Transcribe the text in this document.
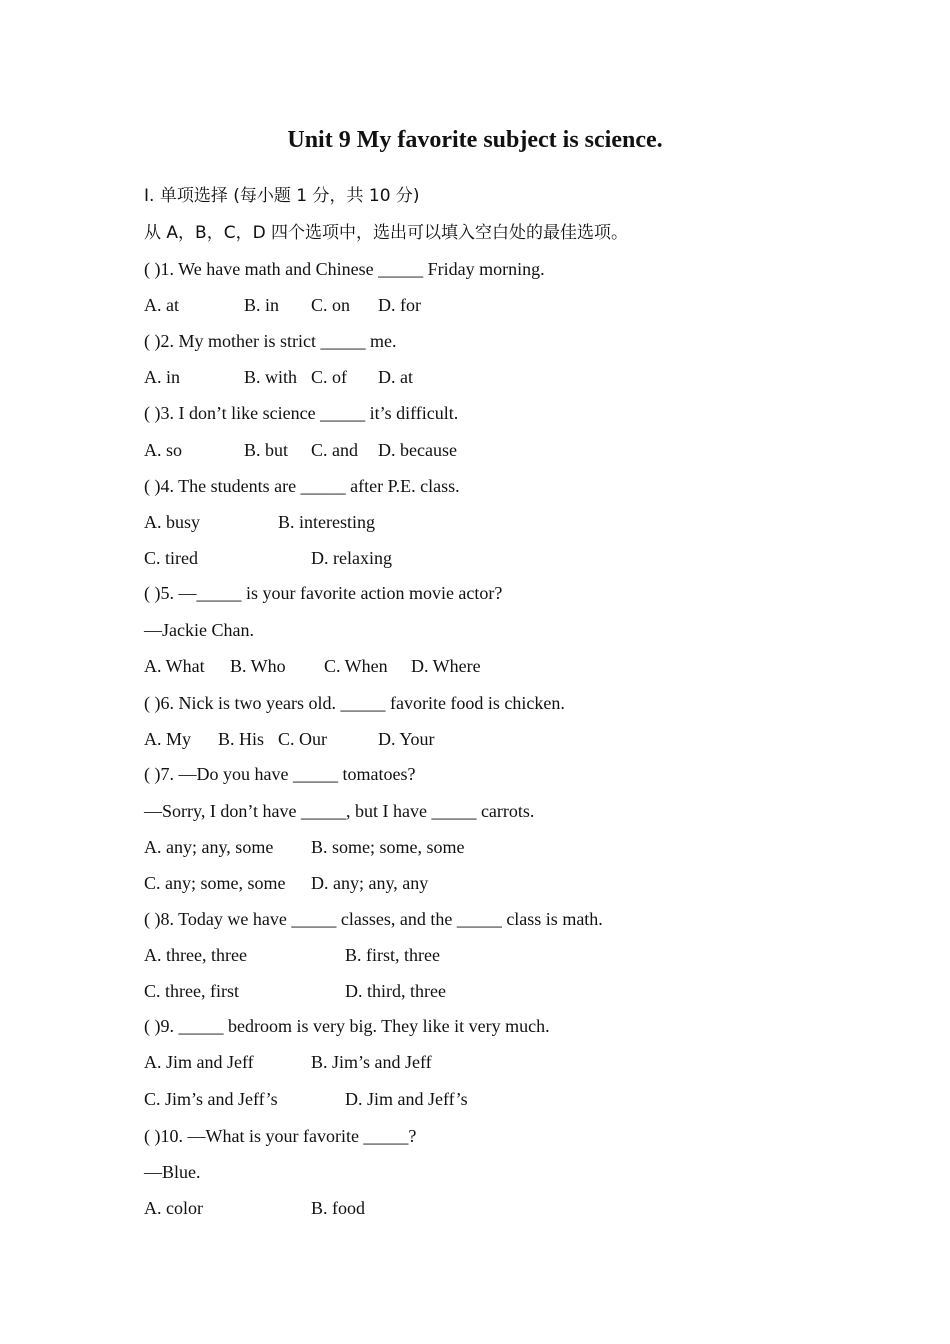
Unit 9 My favorite subject is science.
Ⅰ. 单项选择 (每小题 1 分，共 10 分)
从 A，B，C，D 四个选项中，选出可以填入空白处的最佳选项。
( )1. We have math and Chinese _____ Friday morning.
A. at	B. in C. on D. for
( )2. My mother is strict _____ me.
A. in	B. with C. of D. at
( )3. I don’t like science _____ it’s difficult.
A. so	B. but C. and D. because
( )4. The students are _____ after P.E. class.
A. busy	B. interesting
C. tired	D. relaxing
( )5. —_____ is your favorite action movie actor?
—Jackie Chan.
A. What B. Who C. When D. Where
( )6. Nick is two years old. _____ favorite food is chicken.
A. My B. His C. Our	D. Your
( )7. —Do you have _____ tomatoes?
—Sorry, I don’t have _____, but I have _____ carrots.
A. any; any, some B. some; some, some
C. any; some, some D. any; any, any
( )8. Today we have _____ classes, and the _____ class is math.
A. three, three	B. first, three
C. three, first	D. third, three
( )9. _____ bedroom is very big. They like it very much.
A. Jim and Jeff	B. Jim’s and Jeff
C. Jim’s and Jeff’s	D. Jim and Jeff’s
( )10. —What is your favorite _____?
—Blue.
A. color	B. food
